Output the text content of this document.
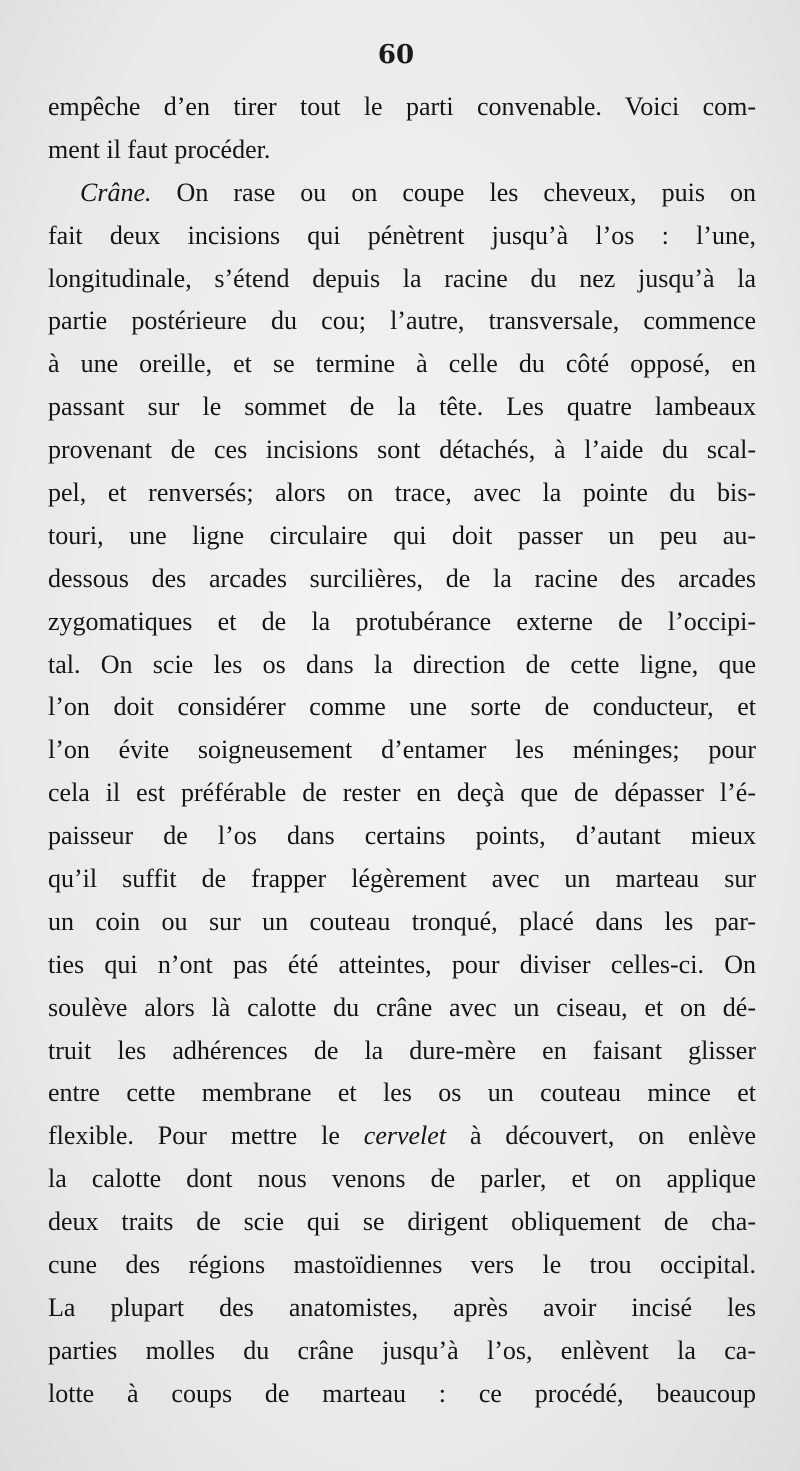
60
empêche d’en tirer tout le parti convenable. Voici com-
ment il faut procéder.
Crâne. On rase ou on coupe les cheveux, puis on
fait deux incisions qui pénètrent jusqu’à l’os : l’une,
longitudinale, s’étend depuis la racine du nez jusqu’à la
partie postérieure du cou; l’autre, transversale, commence
à une oreille, et se termine à celle du côté opposé, en
passant sur le sommet de la tête. Les quatre lambeaux
provenant de ces incisions sont détachés, à l’aide du scal-
pel, et renversés; alors on trace, avec la pointe du bis-
touri, une ligne circulaire qui doit passer un peu au-
dessous des arcades surcilières, de la racine des arcades
zygomatiques et de la protubérance externe de l’occipi-
tal. On scie les os dans la direction de cette ligne, que
l’on doit considérer comme une sorte de conducteur, et
l’on évite soigneusement d’entamer les méninges; pour
cela il est préférable de rester en deçà que de dépasser l’é-
paisseur de l’os dans certains points, d’autant mieux
qu’il suffit de frapper légèrement avec un marteau sur
un coin ou sur un couteau tronqué, placé dans les par-
ties qui n’ont pas été atteintes, pour diviser celles-ci. On
soulève alors là calotte du crâne avec un ciseau, et on dé-
truit les adhérences de la dure-mère en faisant glisser
entre cette membrane et les os un couteau mince et
flexible. Pour mettre le cervelet à découvert, on enlève
la calotte dont nous venons de parler, et on applique
deux traits de scie qui se dirigent obliquement de cha-
cune des régions mastoïdiennes vers le trou occipital.
La plupart des anatomistes, après avoir incisé les
parties molles du crâne jusqu’à l’os, enlèvent la ca-
lotte à coups de marteau : ce procédé, beaucoup
